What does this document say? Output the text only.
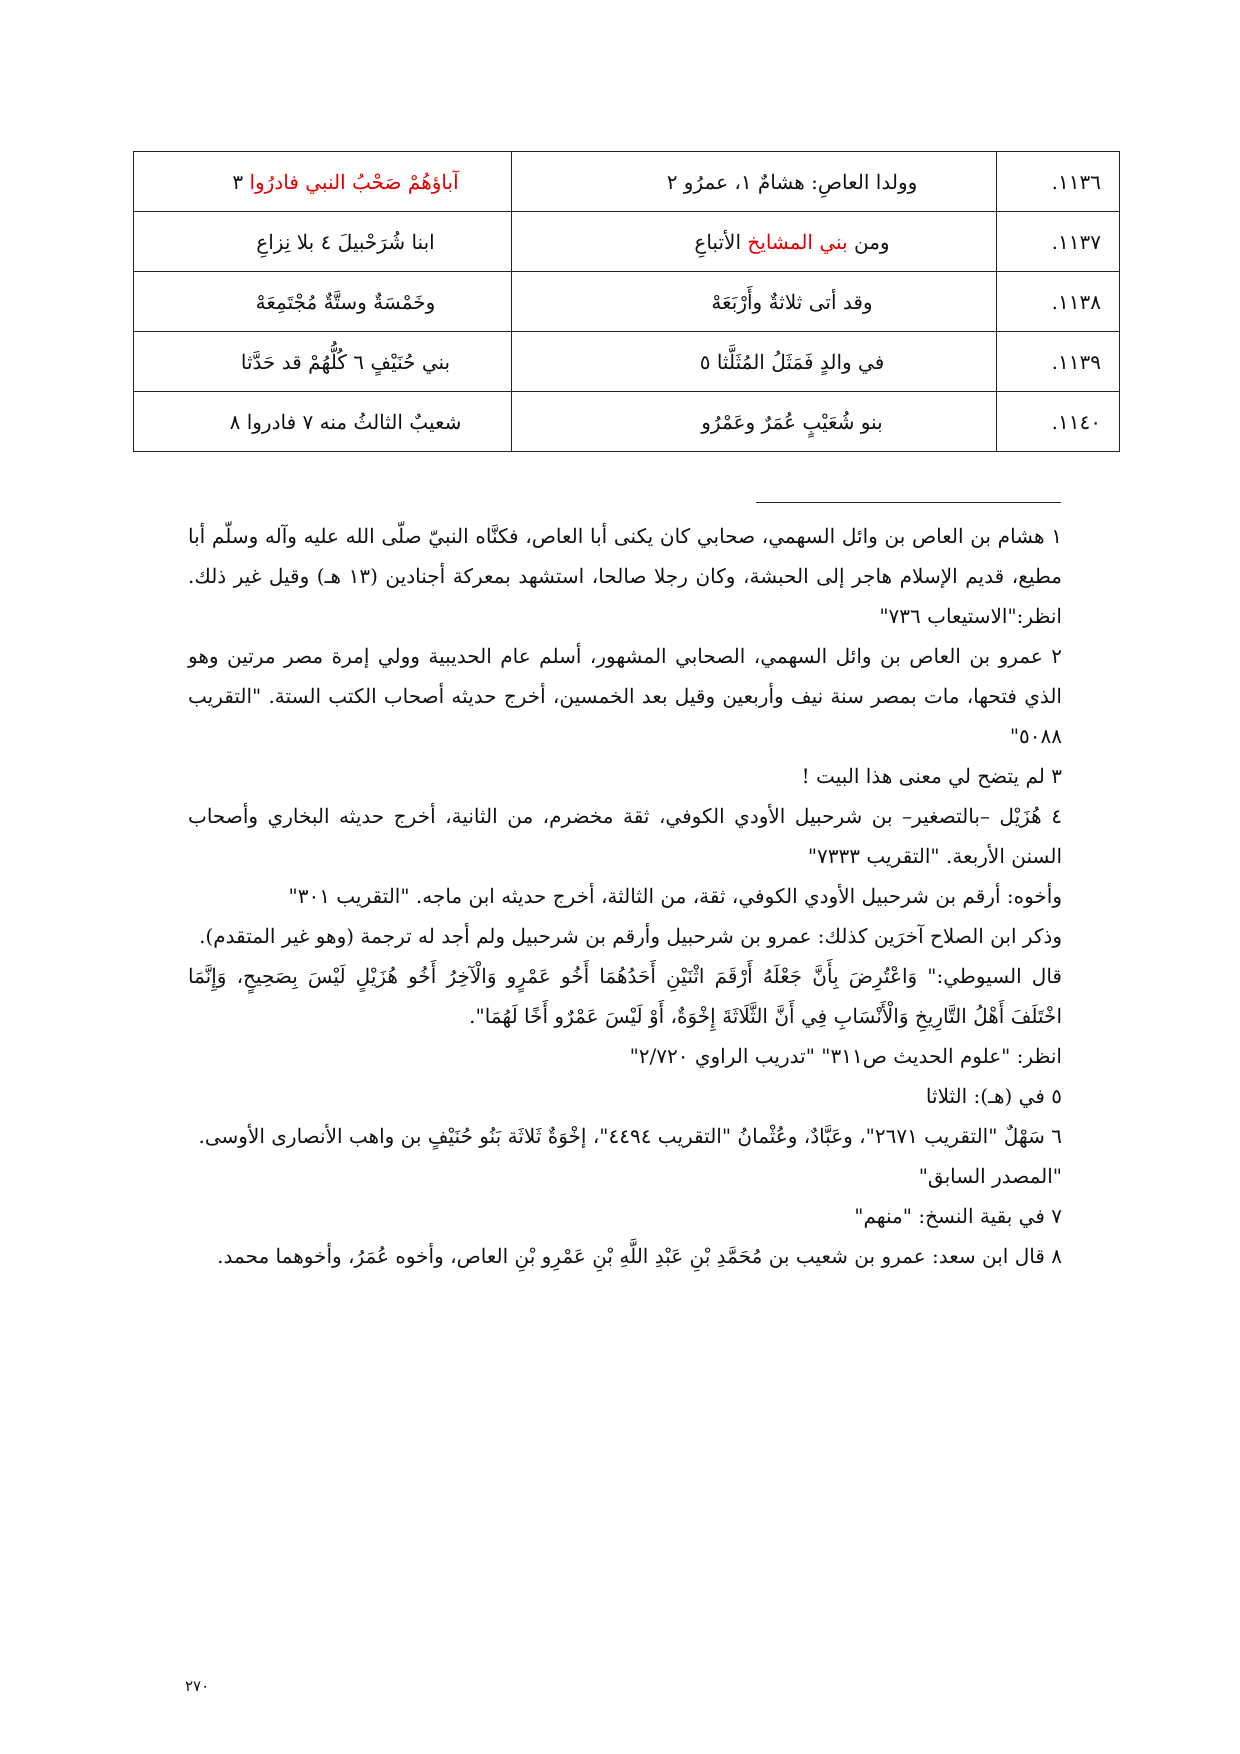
١١٣٦.	وولدا العاصِ: هشامٌ ١، عمرُو ٢	آباؤهُمْ صَحْبُ النبي فادرُوا ٣
١١٣٧.	ومن بني المشايخ الأتباعِ	ابنا شُرَحْبيلَ ٤ بلا نِزاعِ
١١٣٨.	وقد أتى ثلاثةٌ وأَرْبَعَهْ	وخَمْسَةٌ وستَّةٌ مُجْتَمِعَهْ
١١٣٩.	في والدٍ فَمَثَلُ المُثَلَّثا ٥	بني حُنَيْفٍ ٦ كُلُّهُمْ قد حَدَّثا
١١٤٠.	بنو شُعَيْبٍ عُمَرٌ وعَمْرُو	شعيبٌ الثالثُ منه ٧ فادروا ٨

١ هشام بن العاص بن وائل السهمي، صحابي كان يكنى أبا العاص، فكنَّاه النبيّ صلّى الله عليه وآله وسلّم أبا مطيع، قديم الإسلام هاجر إلى الحبشة، وكان رجلا صالحا، استشهد بمعركة أجنادين (١٣ هـ) وقيل غير ذلك. انظر:"الاستيعاب ٧٣٦"

٢ عمرو بن العاص بن وائل السهمي، الصحابي المشهور، أسلم عام الحديبية وولي إمرة مصر مرتين وهو الذي فتحها، مات بمصر سنة نيف وأربعين وقيل بعد الخمسين، أخرج حديثه أصحاب الكتب الستة. "التقريب ٥٠٨٨"

٣ لم يتضح لي معنى هذا البيت !

٤ هُزَيْل –بالتصغير– بن شرحبيل الأودي الكوفي، ثقة مخضرم، من الثانية، أخرج حديثه البخاري وأصحاب السنن الأربعة. "التقريب ٧٣٣٣"

وأخوه: أرقم بن شرحبيل الأودي الكوفي، ثقة، من الثالثة، أخرج حديثه ابن ماجه. "التقريب ٣٠١"

وذكر ابن الصلاح آخرَين كذلك: عمرو بن شرحبيل وأرقم بن شرحبيل ولم أجد له ترجمة (وهو غير المتقدم).

قال السيوطي:" وَاعْتُرِضَ بِأَنَّ جَعْلَهُ أَرْقَمَ اثْنَيْنِ أَحَدُهُمَا أَخُو عَمْرٍو وَالْآخِرُ أَخُو هُزَيْلٍ لَيْسَ بِصَحِيحٍ، وَإِنَّمَا اخْتَلَفَ أَهْلُ التَّارِيخِ وَالْأَنْسَابِ فِي أَنَّ الثَّلَاثَةَ إِخْوَةٌ، أَوْ لَيْسَ عَمْرٌو أَخًا لَهُمَا".

انظر: "علوم الحديث ص٣١١" "تدريب الراوي ٢/٧٢٠"

٥ في (هـ): الثلاثا

٦ سَهْلٌ "التقريب ٢٦٧١"، وعَبَّادٌ، وعُثْمانُ "التقريب ٤٤٩٤"، إخْوَةٌ ثَلاثَة بَنُو حُنَيْفٍ بن واهب الأنصارى الأوسى.

"المصدر السابق"

٧ في بقية النسخ: "منهم"

٨ قال ابن سعد: عمرو بن شعيب بن مُحَمَّدِ بْنِ عَبْدِ اللَّهِ بْنِ عَمْرِو بْنِ العاص، وأخوه عُمَرُ، وأخوهما محمد.

٢٧٠
